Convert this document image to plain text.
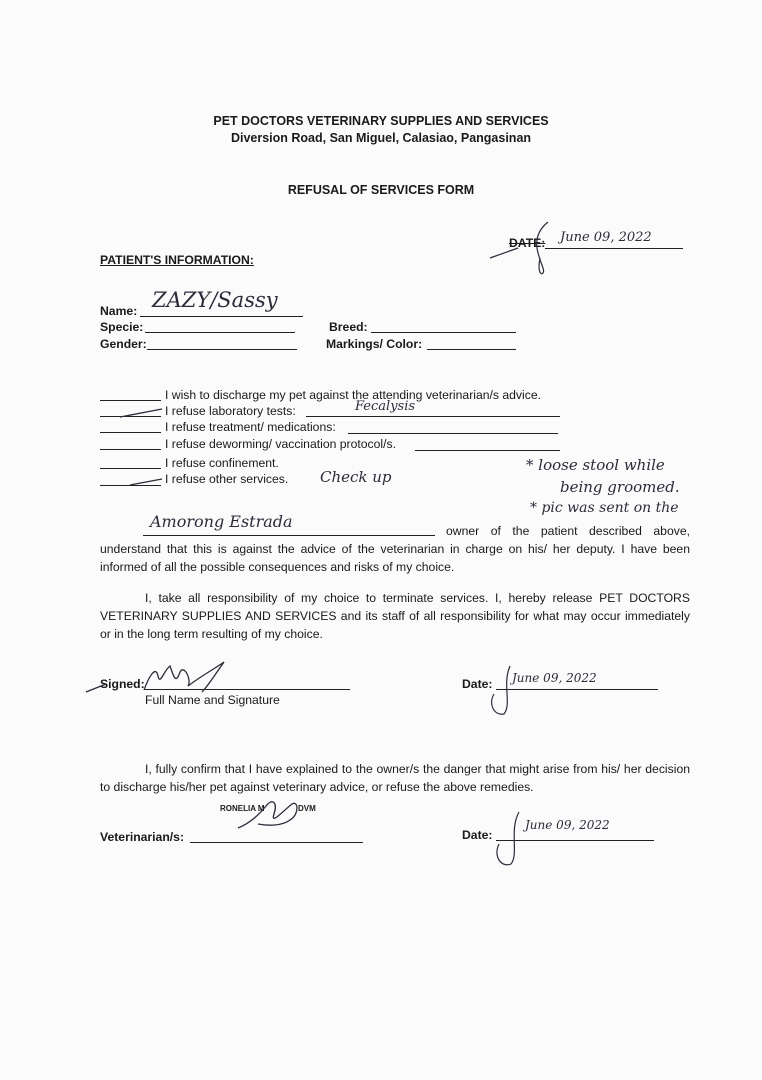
PET DOCTORS VETERINARY SUPPLIES AND SERVICES
Diversion Road, San Miguel, Calasiao, Pangasinan
REFUSAL OF SERVICES FORM
DATE: June 09, 2022
PATIENT'S INFORMATION:
Name: ZAZY/Sassy
Specie:	Breed:
Gender:	Markings/ Color:
I wish to discharge my pet against the attending veterinarian/s advice.
I refuse laboratory tests:	Fecalysis
I refuse treatment/ medications:
I refuse deworming/ vaccination protocol/s.
I refuse confinement.
I refuse other services. Check up
* loose stool while
being groomed.
* pic was sent on the
Amorong Estrada	owner of the patient described above, understand that this is against the advice of the veterinarian in charge on his/ her deputy. I have been informed of all the possible consequences and risks of my choice.
I, take all responsibility of my choice to terminate services. I, hereby release PET DOCTORS VETERINARY SUPPLIES AND SERVICES and its staff of all responsibility for what may occur immediately or in the long term resulting of my choice.
Signed:
Full Name and Signature
Date: June 09, 2022
I, fully confirm that I have explained to the owner/s the danger that might arise from his/ her decision to discharge his/her pet against veterinary advice, or refuse the above remedies.
RONELIA M	DVM
Veterinarian/s:	Date:
June 09, 2022
